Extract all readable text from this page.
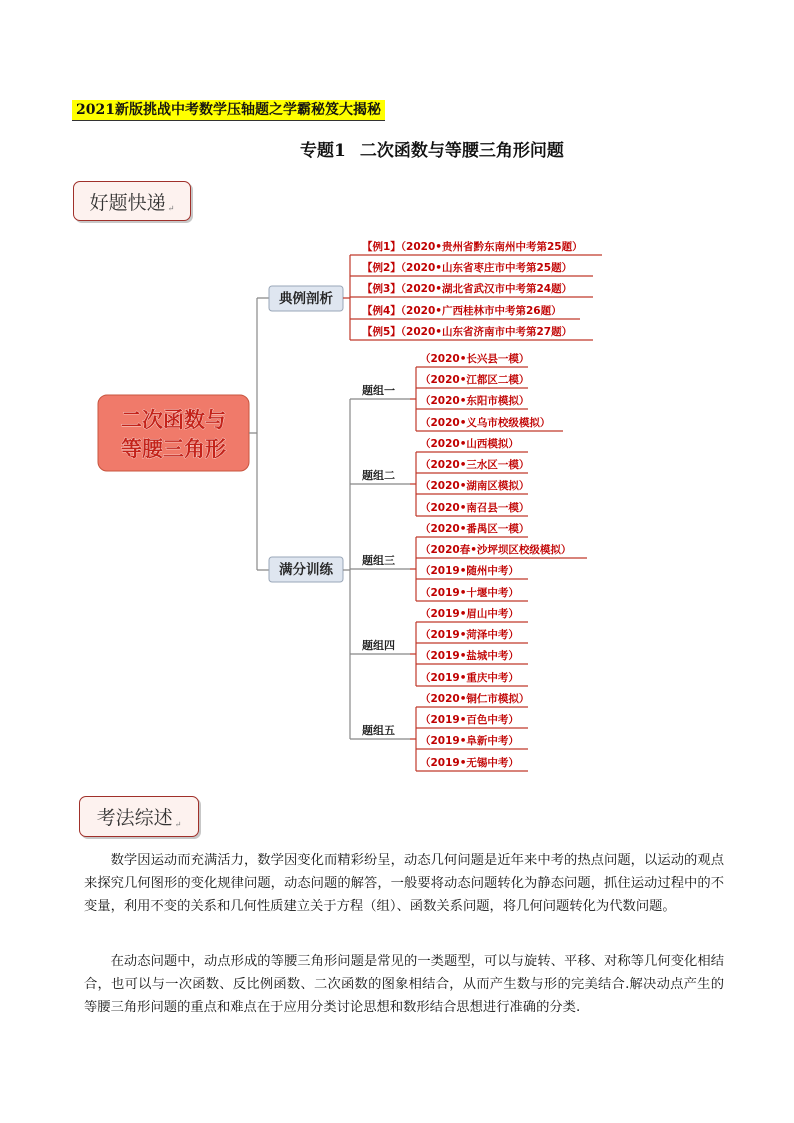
2021新版挑战中考数学压轴题之学霸秘笈大揭秘
专题1 二次函数与等腰三角形问题
好题快递 ↵
二次函数与
等腰三角形
典例剖析
【例1】（2020•贵州省黔东南州中考第25题）
【例2】（2020•山东省枣庄市中考第25题）
【例3】（2020•湖北省武汉市中考第24题）
【例4】（2020•广西桂林市中考第26题）
【例5】（2020•山东省济南市中考第27题）
满分训练
题组一
题组二
题组三
题组四
题组五
（2020•长兴县一模）
（2020•江都区二模）
（2020•东阳市模拟）
（2020•义乌市校级模拟）
（2020•山西模拟）
（2020•三水区一模）
（2020•湖南区模拟）
（2020•南召县一模）
（2020•番禺区一模）
（2020春•沙坪坝区校级模拟）
（2019•随州中考）
（2019•十堰中考）
（2019•眉山中考）
（2019•菏泽中考）
（2019•盐城中考）
（2019•重庆中考）
（2020•铜仁市模拟）
（2019•百色中考）
（2019•阜新中考）
（2019•无锡中考）
考法综述 ↵

数学因运动而充满活力，数学因变化而精彩纷呈，动态几何问题是近年来中考的热点问题，以运动的观点来探究几何图形的变化规律问题，动态问题的解答，一般要将动态问题转化为静态问题，抓住运动过程中的不变量，利用不变的关系和几何性质建立关于方程（组）、函数关系问题，将几何问题转化为代数问题。

在动态问题中，动点形成的等腰三角形问题是常见的一类题型，可以与旋转、平移、对称等几何变化相结合，也可以与一次函数、反比例函数、二次函数的图象相结合，从而产生数与形的完美结合.解决动点产生的等腰三角形问题的重点和难点在于应用分类讨论思想和数形结合思想进行准确的分类.
